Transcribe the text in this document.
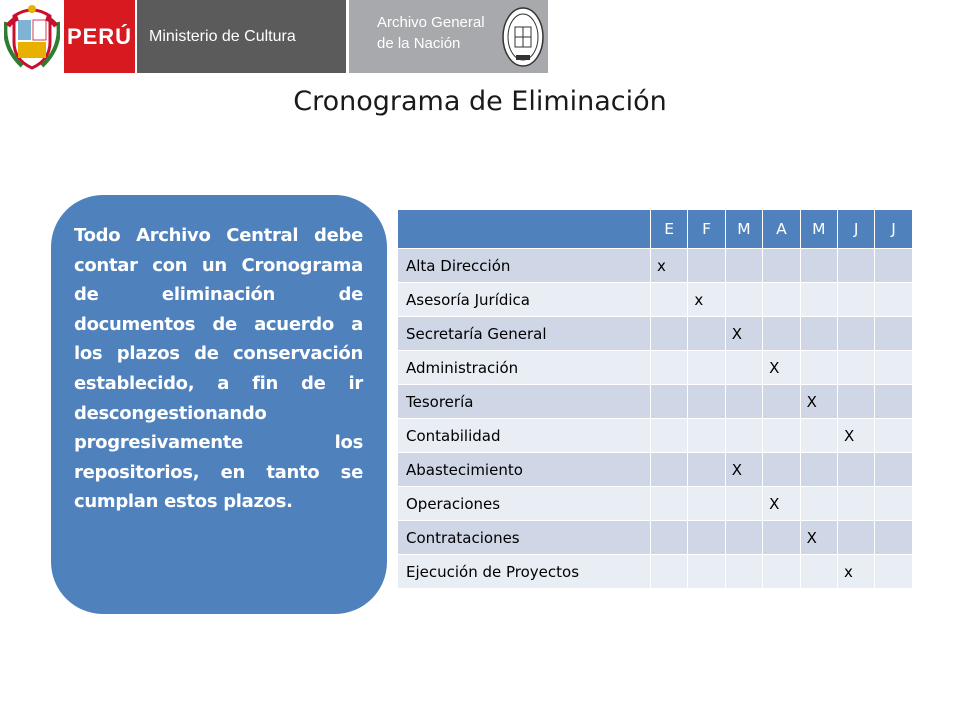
PERÚ Ministerio de Cultura
Archivo General
de la Nación
Cronograma de Eliminación

Todo Archivo Central debe contar con un Cronograma de eliminación de documentos de acuerdo a los plazos de conservación establecido, a fin de ir descongestionando progresivamente los repositorios, en tanto se cumplan estos plazos.

	E	F	M	A	M	J	J
Alta Dirección	x						
Asesoría Jurídica		x					
Secretaría General			X				
Administración				X			
Tesorería					X		
Contabilidad						X	
Abastecimiento			X				
Operaciones				X			
Contrataciones					X		
Ejecución de Proyectos						x	
